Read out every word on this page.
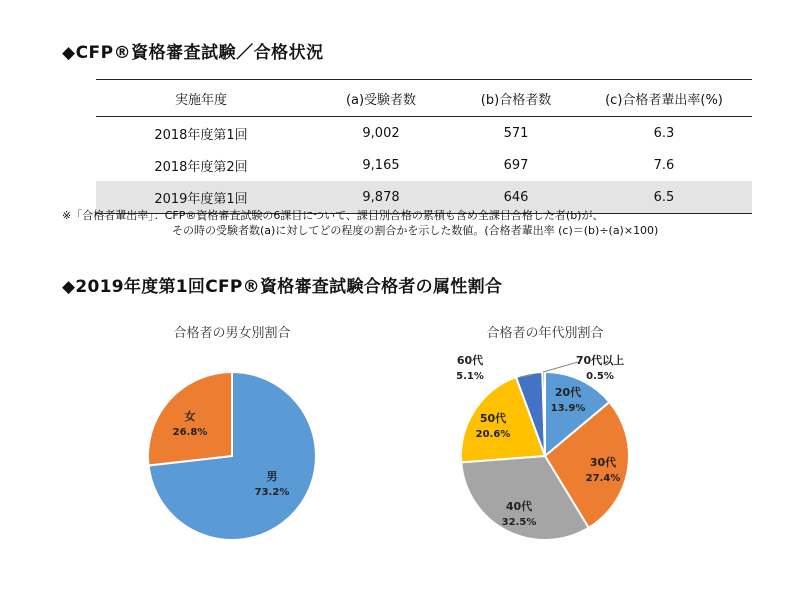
◆CFP®資格審査試験／合格状況
実施年度	(a)受験者数	(b)合格者数	(c)合格者輩出率(%)
2018年度第1回	9,002	571	6.3
2018年度第2回	9,165	697	7.6
2019年度第1回	9,878	646	6.5
※「合格者輩出率」：CFP®資格審査試験の6課目について、課目別合格の累積も含め全課目合格した者(b)が、
その時の受験者数(a)に対してどの程度の割合かを示した数値。(合格者輩出率 (c)＝(b)÷(a)×100)
◆2019年度第1回CFP®資格審査試験合格者の属性割合
合格者の男女別割合
男
73.2%
女
26.8%
合格者の年代別割合
20代
13.9%
30代
27.4%
40代
32.5%
50代
20.6%
60代
5.1%
70代以上
0.5%
